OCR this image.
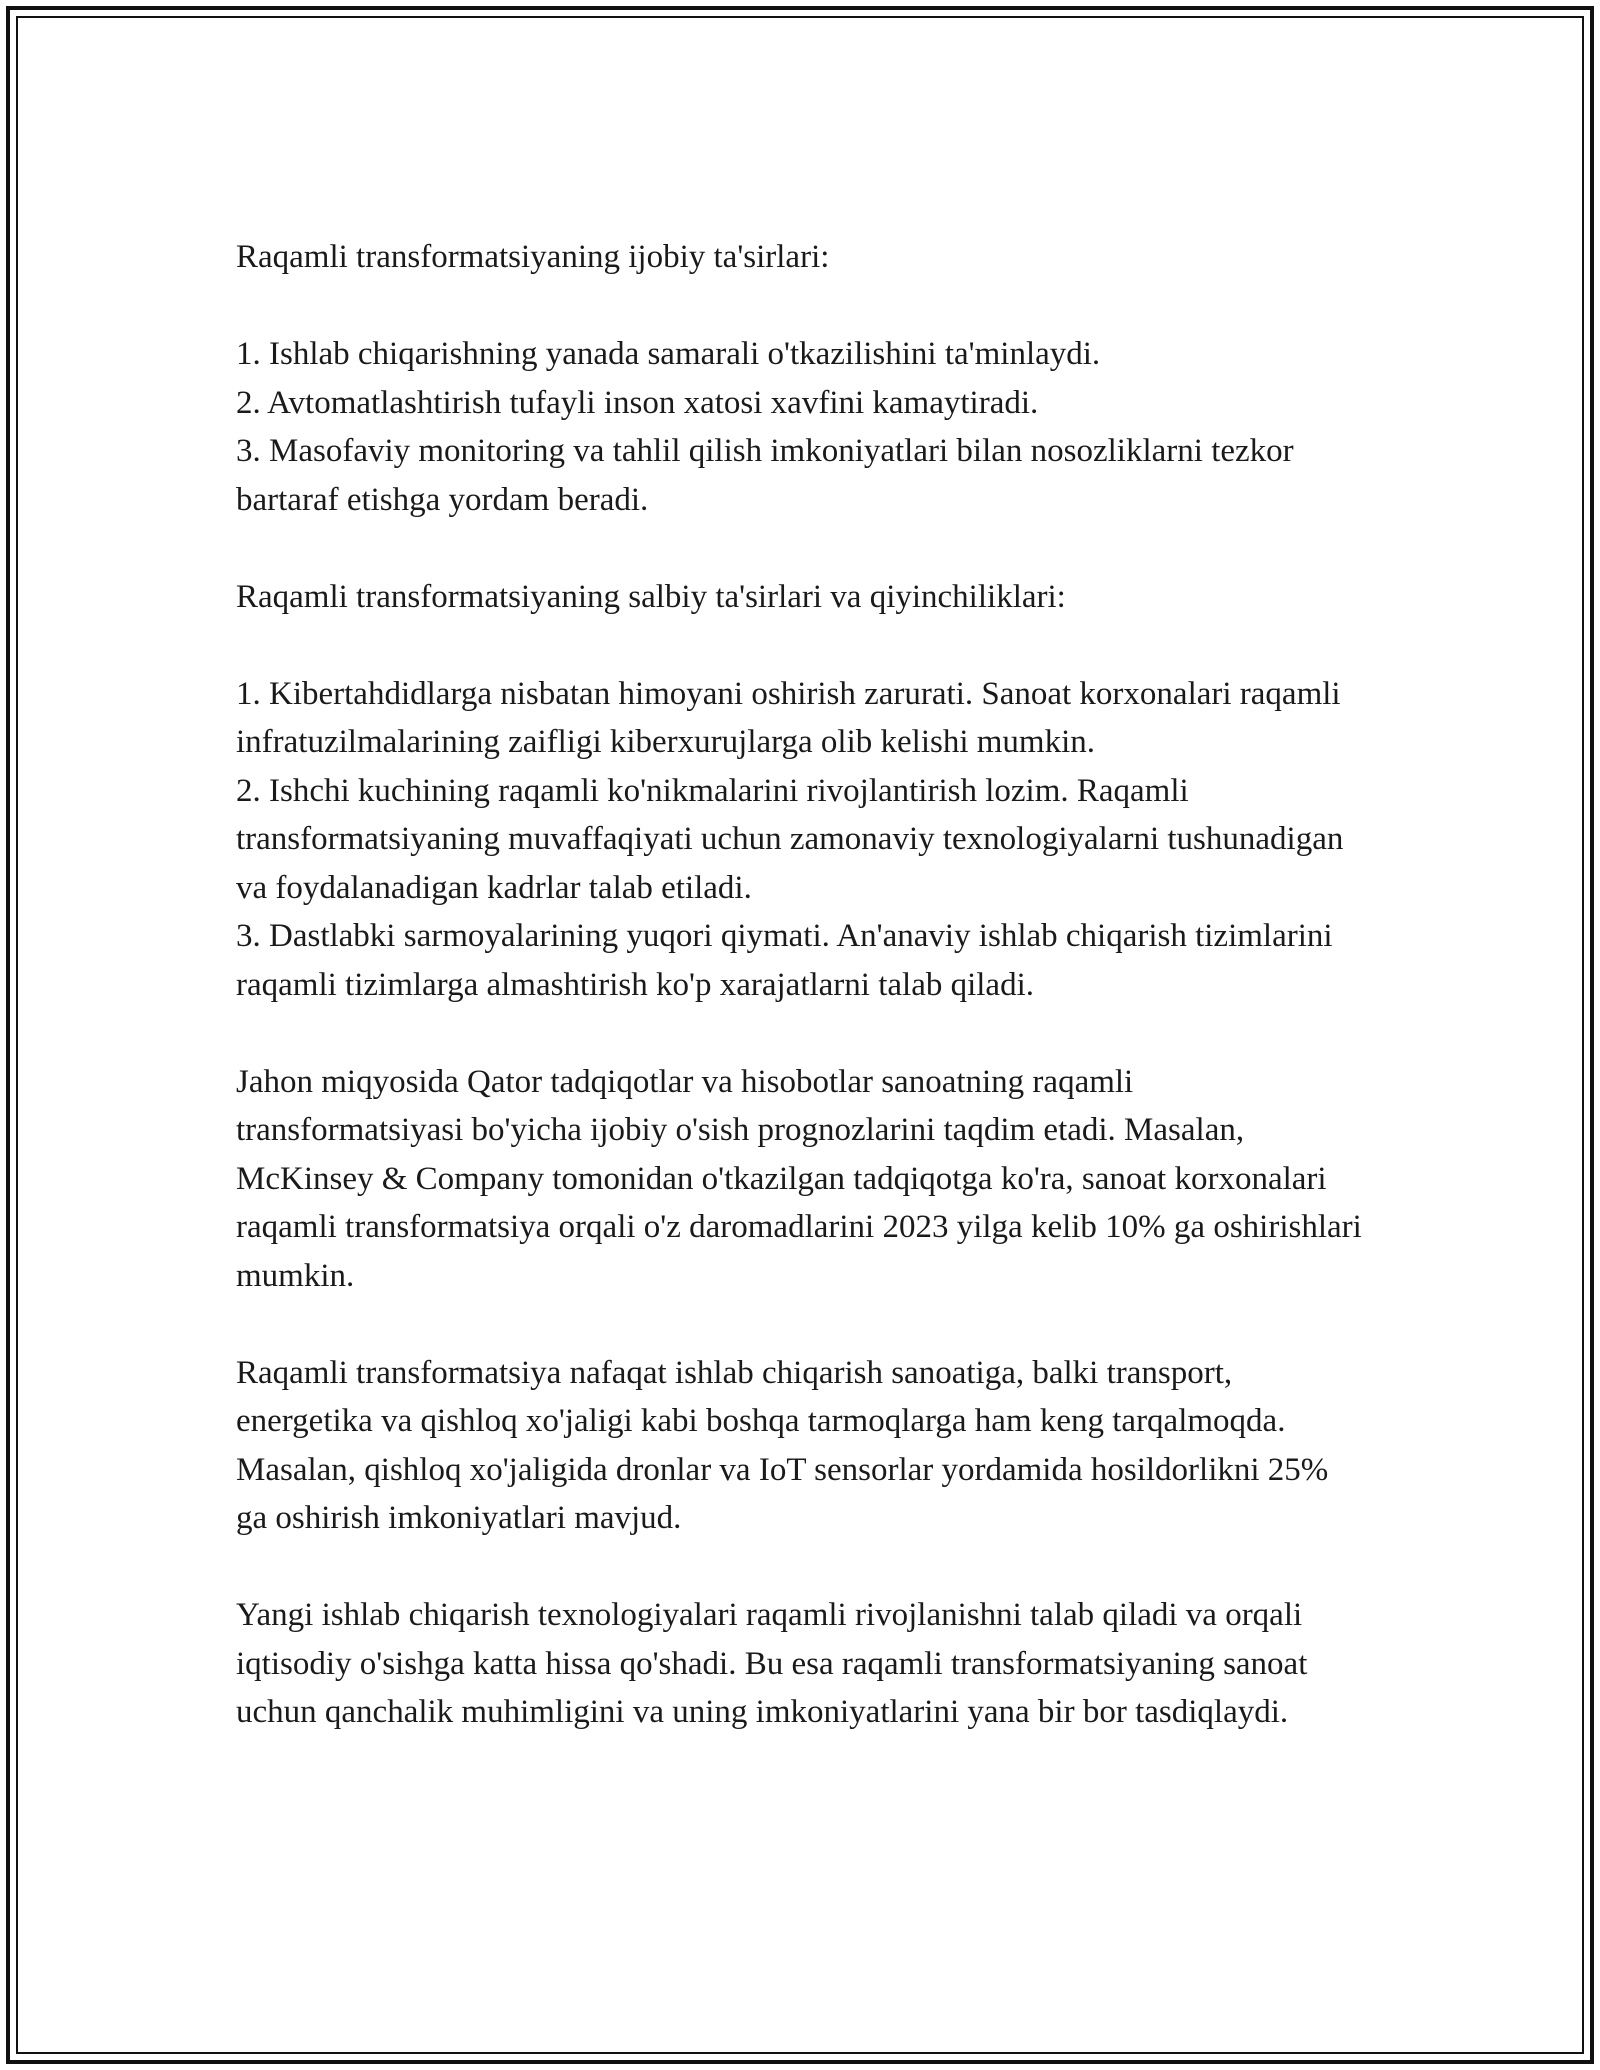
Raqamli transformatsiyaning ijobiy ta'sirlari:

1. Ishlab chiqarishning yanada samarali o'tkazilishini ta'minlaydi.

2. Avtomatlashtirish tufayli inson xatosi xavfini kamaytiradi.

3. Masofaviy monitoring va tahlil qilish imkoniyatlari bilan nosozliklarni tezkor bartaraf etishga yordam beradi.

Raqamli transformatsiyaning salbiy ta'sirlari va qiyinchiliklari:

1. Kibertahdidlarga nisbatan himoyani oshirish zarurati. Sanoat korxonalari raqamli infratuzilmalarining zaifligi kiberxurujlarga olib kelishi mumkin.

2. Ishchi kuchining raqamli ko'nikmalarini rivojlantirish lozim. Raqamli transformatsiyaning muvaffaqiyati uchun zamonaviy texnologiyalarni tushunadigan va foydalanadigan kadrlar talab etiladi.

3. Dastlabki sarmoyalarining yuqori qiymati. An'anaviy ishlab chiqarish tizimlarini raqamli tizimlarga almashtirish ko'p xarajatlarni talab qiladi.

Jahon miqyosida Qator tadqiqotlar va hisobotlar sanoatning raqamli transformatsiyasi bo'yicha ijobiy o'sish prognozlarini taqdim etadi. Masalan, McKinsey & Company tomonidan o'tkazilgan tadqiqotga ko'ra, sanoat korxonalari raqamli transformatsiya orqali o'z daromadlarini 2023 yilga kelib 10% ga oshirishlari mumkin.

Raqamli transformatsiya nafaqat ishlab chiqarish sanoatiga, balki transport, energetika va qishloq xo'jaligi kabi boshqa tarmoqlarga ham keng tarqalmoqda. Masalan, qishloq xo'jaligida dronlar va IoT sensorlar yordamida hosildorlikni 25% ga oshirish imkoniyatlari mavjud.

Yangi ishlab chiqarish texnologiyalari raqamli rivojlanishni talab qiladi va orqali iqtisodiy o'sishga katta hissa qo'shadi. Bu esa raqamli transformatsiyaning sanoat uchun qanchalik muhimligini va uning imkoniyatlarini yana bir bor tasdiqlaydi.
